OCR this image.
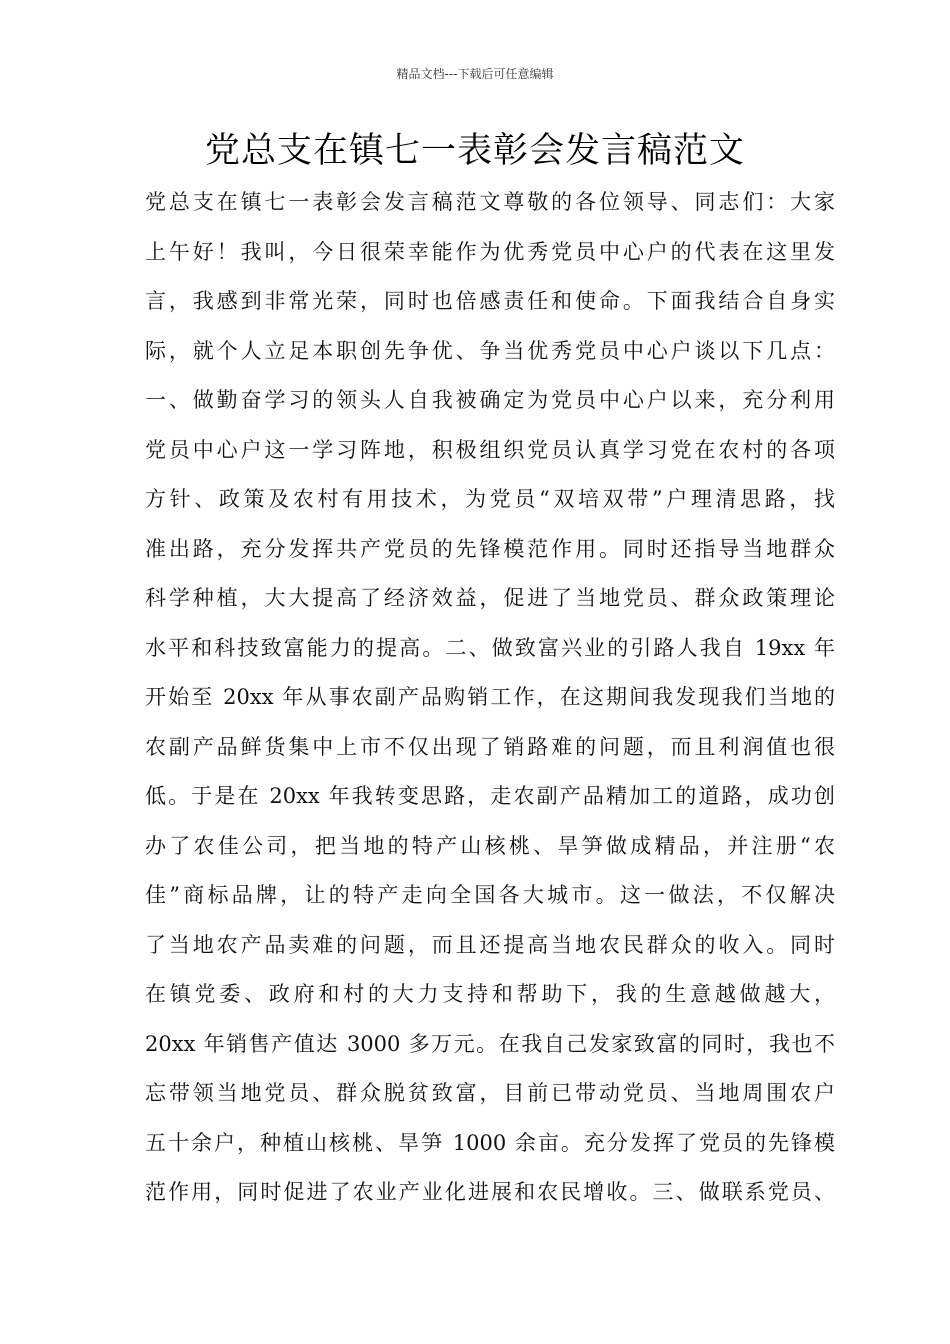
精品文档---下载后可任意编辑
党总支在镇七一表彰会发言稿范文
党总支在镇七一表彰会发言稿范文尊敬的各位领导、同志们：大家
上午好！我叫，今日很荣幸能作为优秀党员中心户的代表在这里发
言，我感到非常光荣，同时也倍感责任和使命。下面我结合自身实
际，就个人立足本职创先争优、争当优秀党员中心户谈以下几点：
一、做勤奋学习的领头人自我被确定为党员中心户以来，充分利用
党员中心户这一学习阵地，积极组织党员认真学习党在农村的各项
方针、政策及农村有用技术，为党员“双培双带”户理清思路，找
准出路，充分发挥共产党员的先锋模范作用。同时还指导当地群众
科学种植，大大提高了经济效益，促进了当地党员、群众政策理论
水平和科技致富能力的提高。二、做致富兴业的引路人我自 19xx 年
开始至 20xx 年从事农副产品购销工作，在这期间我发现我们当地的
农副产品鲜货集中上市不仅出现了销路难的问题，而且利润值也很
低。于是在 20xx 年我转变思路，走农副产品精加工的道路，成功创
办了农佳公司，把当地的特产山核桃、旱笋做成精品，并注册“农
佳”商标品牌，让的特产走向全国各大城市。这一做法，不仅解决
了当地农产品卖难的问题，而且还提高当地农民群众的收入。同时
在镇党委、政府和村的大力支持和帮助下，我的生意越做越大，
20xx 年销售产值达 3000 多万元。在我自己发家致富的同时，我也不
忘带领当地党员、群众脱贫致富，目前已带动党员、当地周围农户
五十余户，种植山核桃、旱笋 1000 余亩。充分发挥了党员的先锋模
范作用，同时促进了农业产业化进展和农民增收。三、做联系党员、
